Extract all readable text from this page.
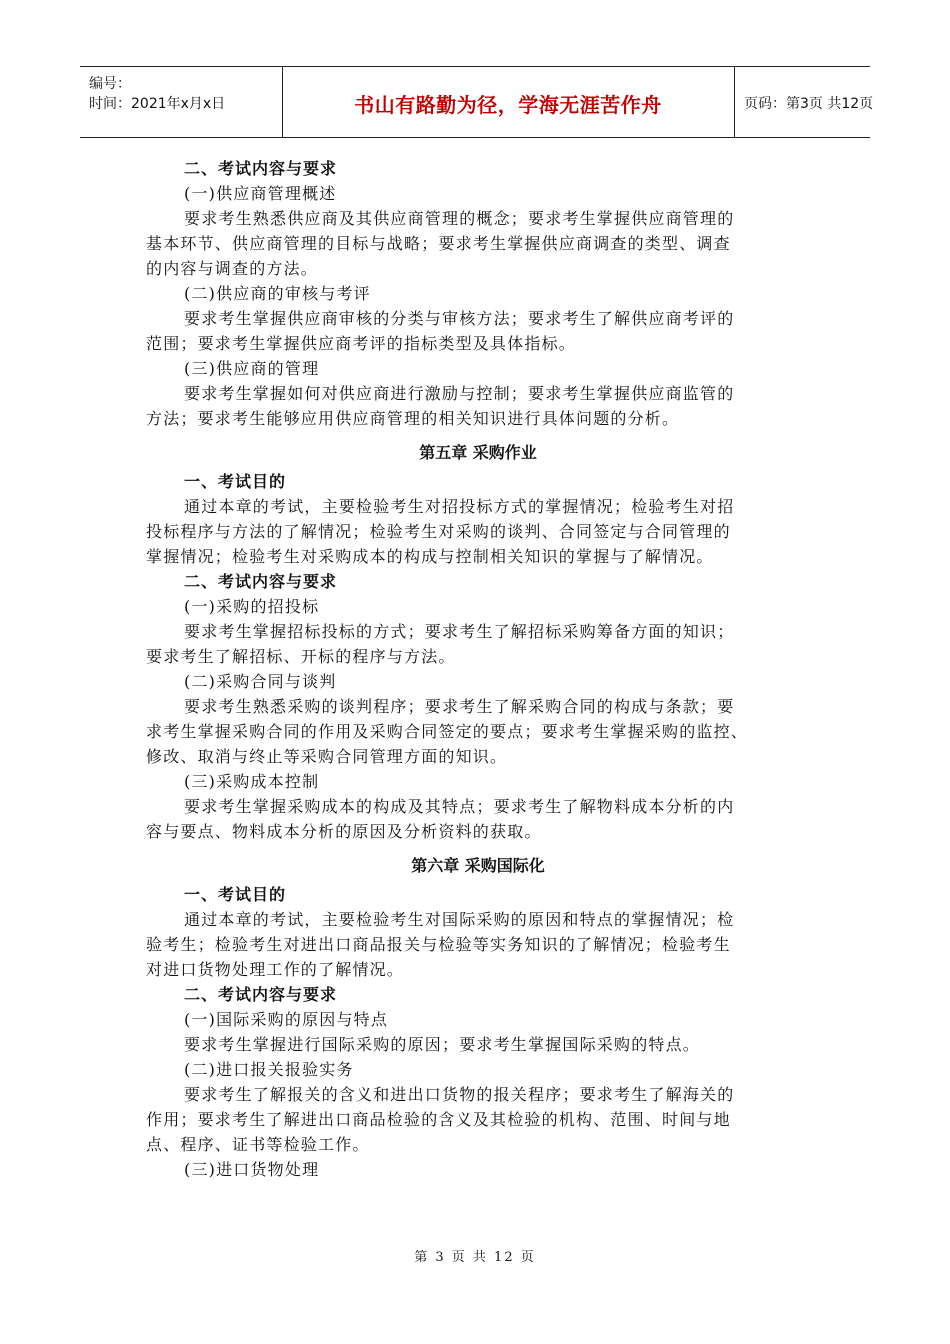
编号：
时间：2021年x月x日	书山有路勤为径，学海无涯苦作舟	页码：第3页 共12页
二、考试内容与要求
(一)供应商管理概述
要求考生熟悉供应商及其供应商管理的概念；要求考生掌握供应商管理的
基本环节、供应商管理的目标与战略；要求考生掌握供应商调查的类型、调查
的内容与调查的方法。
(二)供应商的审核与考评
要求考生掌握供应商审核的分类与审核方法；要求考生了解供应商考评的
范围；要求考生掌握供应商考评的指标类型及具体指标。
(三)供应商的管理
要求考生掌握如何对供应商进行激励与控制；要求考生掌握供应商监管的
方法；要求考生能够应用供应商管理的相关知识进行具体问题的分析。
第五章 采购作业
一、考试目的
通过本章的考试，主要检验考生对招投标方式的掌握情况；检验考生对招
投标程序与方法的了解情况；检验考生对采购的谈判、合同签定与合同管理的
掌握情况；检验考生对采购成本的构成与控制相关知识的掌握与了解情况。
二、考试内容与要求
(一)采购的招投标
要求考生掌握招标投标的方式；要求考生了解招标采购筹备方面的知识；
要求考生了解招标、开标的程序与方法。
(二)采购合同与谈判
要求考生熟悉采购的谈判程序；要求考生了解采购合同的构成与条款；要
求考生掌握采购合同的作用及采购合同签定的要点；要求考生掌握采购的监控、
修改、取消与终止等采购合同管理方面的知识。
(三)采购成本控制
要求考生掌握采购成本的构成及其特点；要求考生了解物料成本分析的内
容与要点、物料成本分析的原因及分析资料的获取。
第六章 采购国际化
一、考试目的
通过本章的考试，主要检验考生对国际采购的原因和特点的掌握情况；检
验考生；检验考生对进出口商品报关与检验等实务知识的了解情况；检验考生
对进口货物处理工作的了解情况。
二、考试内容与要求
(一)国际采购的原因与特点
要求考生掌握进行国际采购的原因；要求考生掌握国际采购的特点。
(二)进口报关报验实务
要求考生了解报关的含义和进出口货物的报关程序；要求考生了解海关的
作用；要求考生了解进出口商品检验的含义及其检验的机构、范围、时间与地
点、程序、证书等检验工作。
(三)进口货物处理
第 3 页 共 12 页
